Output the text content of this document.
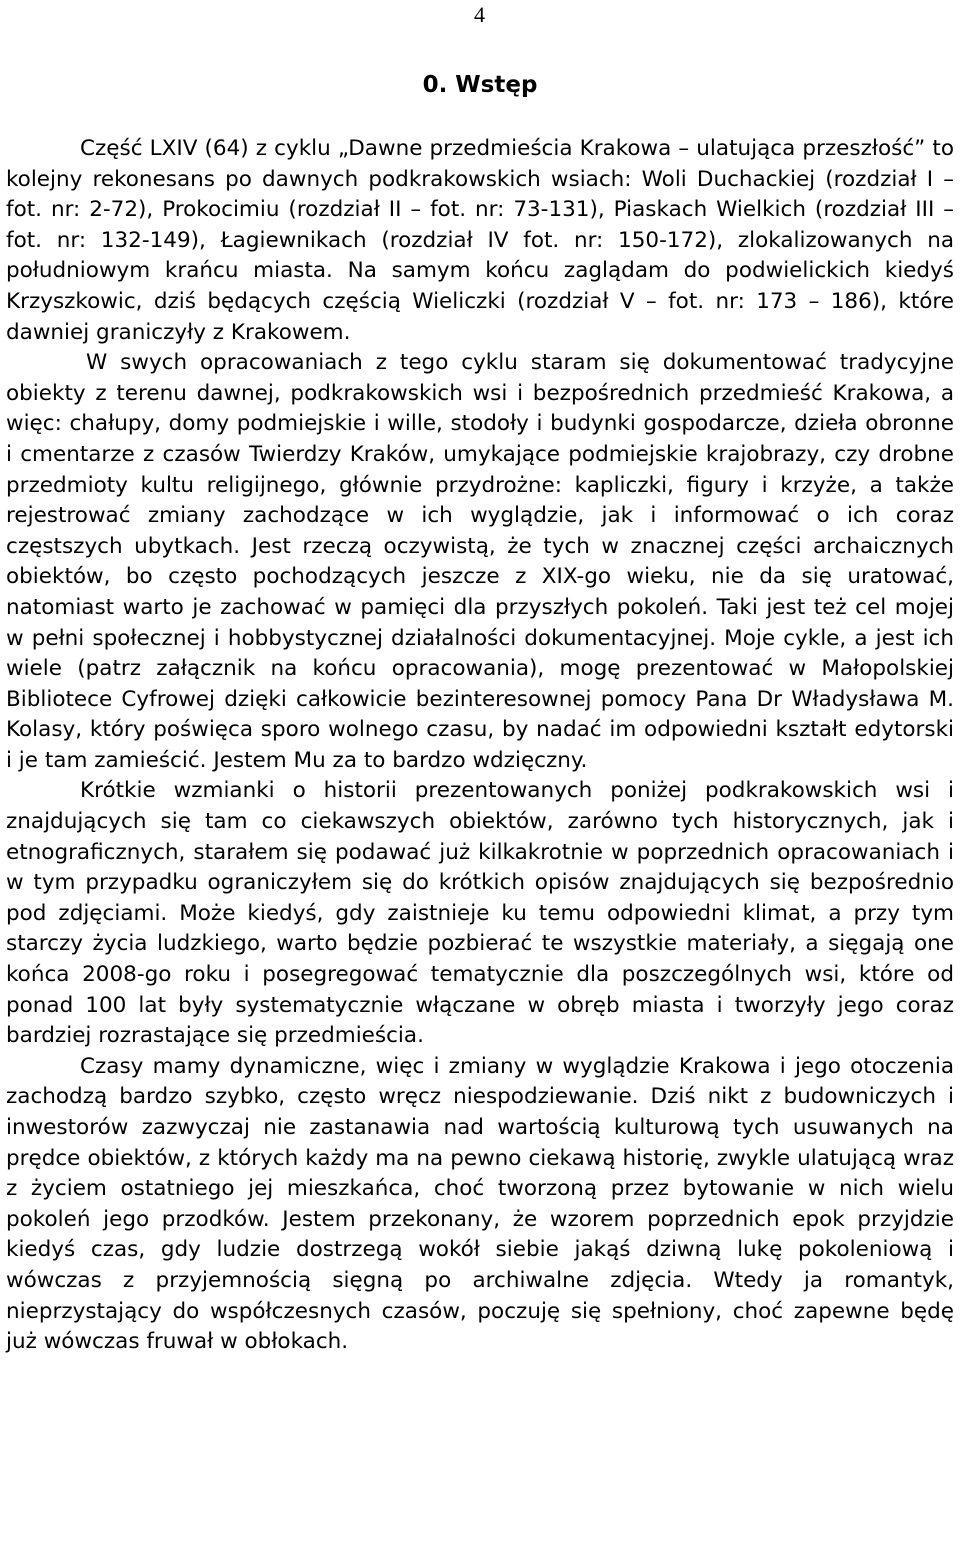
4
0. Wstęp

Część LXIV (64) z cyklu „Dawne przedmieścia Krakowa – ulatująca przeszłość” to kolejny rekonesans po dawnych podkrakowskich wsiach: Woli Duchackiej (rozdział I – fot. nr: 2-72), Prokocimiu (rozdział II – fot. nr: 73-131), Piaskach Wielkich (rozdział III – fot. nr: 132-149), Łagiewnikach (rozdział IV fot. nr: 150-172), zlokalizowanych na południowym krańcu miasta. Na samym końcu zaglądam do podwielickich kiedyś Krzyszkowic, dziś będących częścią Wieliczki (rozdział V – fot. nr: 173 – 186), które dawniej graniczyły z Krakowem.

W swych opracowaniach z tego cyklu staram się dokumentować tradycyjne obiekty z terenu dawnej, podkrakowskich wsi i bezpośrednich przedmieść Krakowa, a więc: chałupy, domy podmiejskie i wille, stodoły i budynki gospodarcze, dzieła obronne i cmentarze z czasów Twierdzy Kraków, umykające podmiejskie krajobrazy, czy drobne przedmioty kultu religijnego, głównie przydrożne: kapliczki, figury i krzyże, a także rejestrować zmiany zachodzące w ich wyglądzie, jak i informować o ich coraz częstszych ubytkach. Jest rzeczą oczywistą, że tych w znacznej części archaicznych obiektów, bo często pochodzących jeszcze z XIX-go wieku, nie da się uratować, natomiast warto je zachować w pamięci dla przyszłych pokoleń. Taki jest też cel mojej w pełni społecznej i hobbystycznej działalności dokumentacyjnej. Moje cykle, a jest ich wiele (patrz załącznik na końcu opracowania), mogę prezentować w Małopolskiej Bibliotece Cyfrowej dzięki całkowicie bezinteresownej pomocy Pana Dr Władysława M. Kolasy, który poświęca sporo wolnego czasu, by nadać im odpowiedni kształt edytorski i je tam zamieścić. Jestem Mu za to bardzo wdzięczny.

Krótkie wzmianki o historii prezentowanych poniżej podkrakowskich wsi i znajdujących się tam co ciekawszych obiektów, zarówno tych historycznych, jak i etnograficznych, starałem się podawać już kilkakrotnie w poprzednich opracowaniach i w tym przypadku ograniczyłem się do krótkich opisów znajdujących się bezpośrednio pod zdjęciami. Może kiedyś, gdy zaistnieje ku temu odpowiedni klimat, a przy tym starczy życia ludzkiego, warto będzie pozbierać te wszystkie materiały, a sięgają one końca 2008-go roku i posegregować tematycznie dla poszczególnych wsi, które od ponad 100 lat były systematycznie włączane w obręb miasta i tworzyły jego coraz bardziej rozrastające się przedmieścia.

Czasy mamy dynamiczne, więc i zmiany w wyglądzie Krakowa i jego otoczenia zachodzą bardzo szybko, często wręcz niespodziewanie. Dziś nikt z budowniczych i inwestorów zazwyczaj nie zastanawia nad wartością kulturową tych usuwanych na prędce obiektów, z których każdy ma na pewno ciekawą historię, zwykle ulatującą wraz z życiem ostatniego jej mieszkańca, choć tworzoną przez bytowanie w nich wielu pokoleń jego przodków. Jestem przekonany, że wzorem poprzednich epok przyjdzie kiedyś czas, gdy ludzie dostrzegą wokół siebie jakąś dziwną lukę pokoleniową i wówczas z przyjemnością sięgną po archiwalne zdjęcia. Wtedy ja romantyk, nieprzystający do współczesnych czasów, poczuję się spełniony, choć zapewne będę już wówczas fruwał w obłokach.
